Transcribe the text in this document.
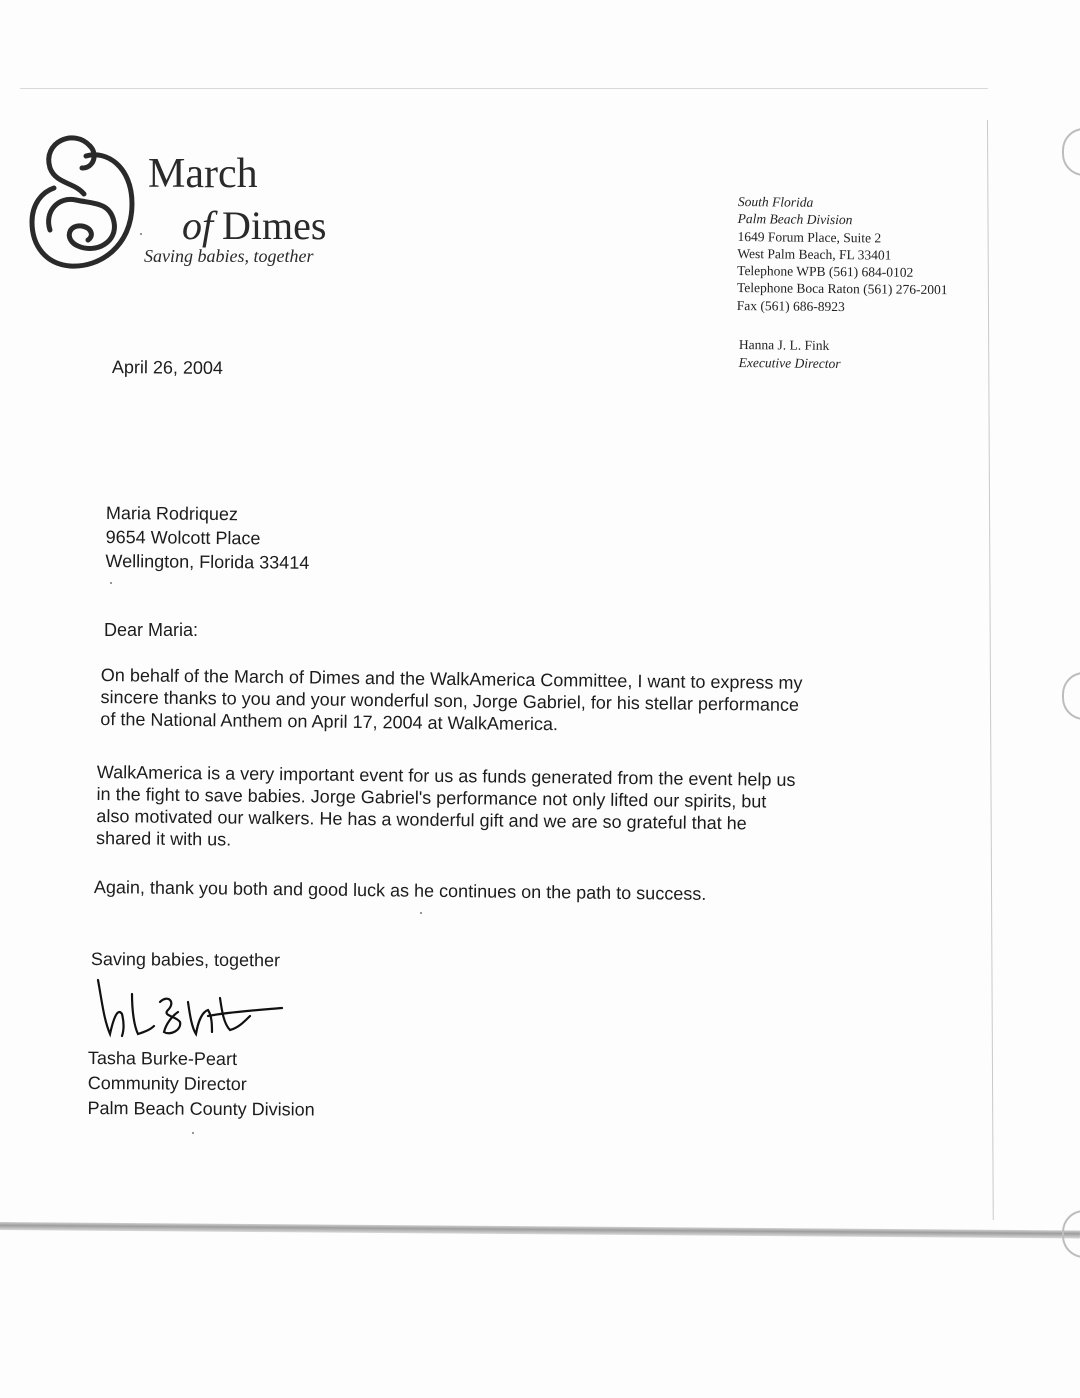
March
of Dimes
Saving babies, together
South Florida
Palm Beach Division
1649 Forum Place, Suite 2
West Palm Beach, FL 33401
Telephone WPB (561) 684-0102
Telephone Boca Raton (561) 276-2001
Fax (561) 686-8923
Hanna J. L. Fink
Executive Director
April 26, 2004
Maria Rodriquez
9654 Wolcott Place
Wellington, Florida 33414
Dear Maria:
On behalf of the March of Dimes and the WalkAmerica Committee, I want to express my
sincere thanks to you and your wonderful son, Jorge Gabriel, for his stellar performance
of the National Anthem on April 17, 2004 at WalkAmerica.
WalkAmerica is a very important event for us as funds generated from the event help us
in the fight to save babies. Jorge Gabriel's performance not only lifted our spirits, but
also motivated our walkers. He has a wonderful gift and we are so grateful that he
shared it with us.
Again, thank you both and good luck as he continues on the path to success.
Saving babies, together
Tasha Burke-Peart
Community Director
Palm Beach County Division
